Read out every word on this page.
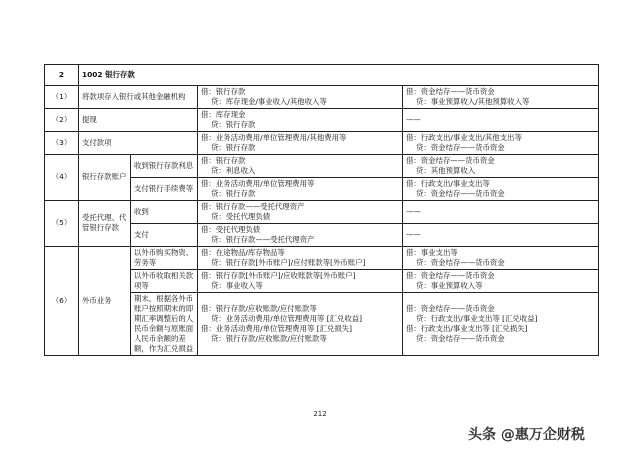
2	1002 银行存款			
（1）	将款项存入银行或其他金融机构		借：银行存款
贷：库存现金/事业收入/其他收入等	借：资金结存——货币资金
贷：事业预算收入/其他预算收入等

（2）	提现		借：库存现金
贷：银行存款	——
（3）	支付款项		借：业务活动费用/单位管理费用/其他费用等
贷：银行存款	借：行政支出/事业支出/其他支出等
贷：资金结存——货币资金

（4）	银行存款账户	收到银行存款利息	借：银行存款
贷：利息收入	借：资金结存——货币资金
贷：其他预算收入

		支付银行手续费等	借：业务活动费用/单位管理费用等
贷：银行存款	借：行政支出/事业支出等
贷：资金结存——货币资金

（5）	受托代理、代管银行存款	收到	借：银行存款——受托代理资产
贷：受托代理负债	——
		支付	借：受托代理负债
贷：银行存款——受托代理资产	——
（6）	外币业务	以外币购买物资、劳务等	借：在途物品/库存物品等
贷：银行存款[外币账户]/应付账款等[外币账户]	借：事业支出等
贷：资金结存——货币资金

		以外币收取相关款项等	借：银行存款[外币账户]/应收账款等[外币账户]
贷：事业收入等	借：资金结存——货币资金
贷：事业预算收入等

		期末，根据各外币账户按照期末的即期汇率调整后的人民币余额与原账面人民币余额的差额，作为汇兑损益	借：银行存款/应收账款/应付账款等
贷：业务活动费用/单位管理费用等 [汇兑收益]
借：业务活动费用/单位管理费用等 [汇兑损失]
贷：银行存款/应收账款/应付账款等	借：资金结存——货币资金
贷：行政支出/事业支出等 [汇兑收益]
借：行政支出/事业支出等 [汇兑损失]
贷：资金结存——货币资金
212
头条 @惠万企财税
